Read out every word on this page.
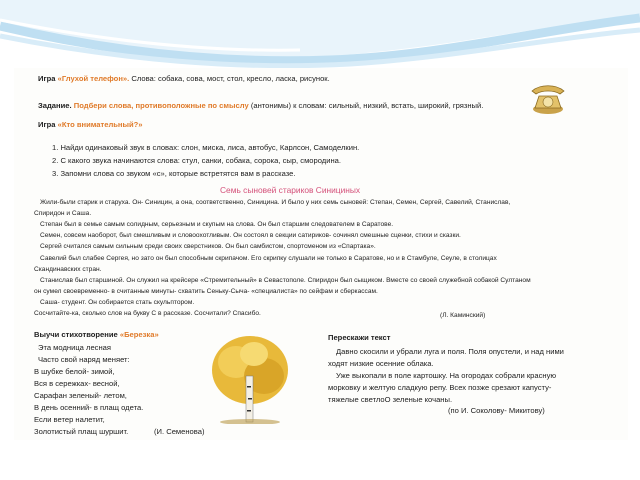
Игра «Глухой телефон». Слова: собака, сова, мост, стол, кресло, ласка, рисунок.
Задание. Подбери слова, противоположные по смыслу (антонимы) к словам: сильный, низкий, встать, широкий, грязный.
Игра «Кто внимательный?»
1. Найди одинаковый звук в словах: слон, миска, лиса, автобус, Карлсон, Самоделкин.
2. С какого звука начинаются слова: стул, санки, собака, сорока, сыр, смородина.
3. Запомни слова со звуком «с», которые встретятся вам в рассказе.
Семь сыновей стариков Синициных
Жили-были старик и старуха. Он- Синицин, а она, соответственно, Синицина. И было у них семь сыновей: Степан, Семен, Сергей, Савелий, Станислав,
Спиридон и Саша.
Степан был в семье самым солидным, серьезным и скупым на слова. Он был старшим следователем в Саратове.
Семен, совсем наоборот, был смешливым и словоохотливым. Он состоял в секции сатириков- сочинял смешные сценки, стихи и сказки.
Сергей считался самым сильным среди своих сверстников. Он был самбистом, спортсменом из «Спартака».
Савелий был слабее Сергея, но зато он был способным скрипачом. Его скрипку слушали не только в Саратове, но и в Стамбуле, Сеуле, в столицах
Скандинавских стран.
Станислав был старшиной. Он служил на крейсере «Стремительный» в Севастополе. Спиридон был сыщиком. Вместе со своей служебной собакой Султаном
он сумел своевременно- в считанные минуты- схватить Сеньку-Сыча- «специалиста» по сейфам и сберкассам.
Саша- студент. Он собирается стать скульптором.
Сосчитайте-ка, сколько слов на букву С в рассказе. Сосчитали? Спасибо.	(Л. Каминский)
Выучи стихотворение «Березка»
Эта модница лесная
Часто свой наряд меняет:
В шубке белой- зимой,
Вся в сережках- весной,
Сарафан зеленый- летом,
В день осенний- в плащ одета.
Если ветер налетит,
Золотистый плащ шуршит.	(И. Семенова)
Перескажи текст
Давно скосили и убрали луга и поля. Поля опустели, и над ними
ходят низкие осенние облака.
Уже выкопали в поле картошку. На огородах собрали красную
морковку и желтую сладкую репу. Всех позже срезают капусту-
тяжелые светлоО зеленые кочаны.
(по И. Соколову- Микитову)
